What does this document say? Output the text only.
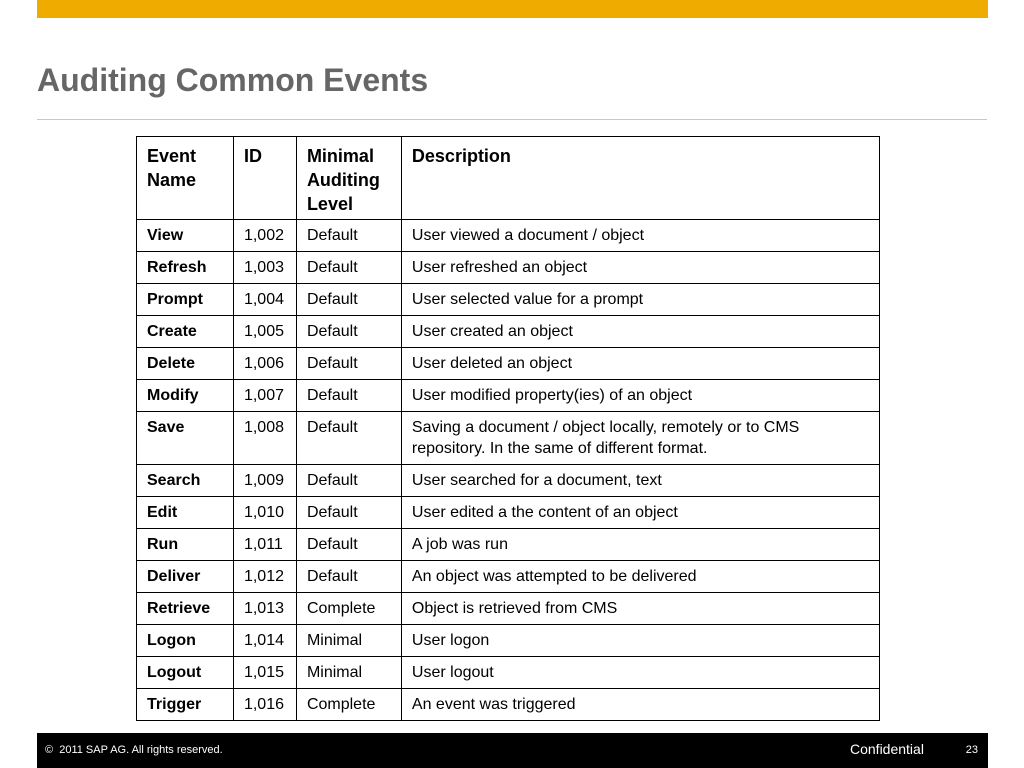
Auditing Common Events
Event Name	ID	Minimal Auditing Level	Description
View	1,002	Default	User viewed a document / object
Refresh	1,003	Default	User refreshed an object
Prompt	1,004	Default	User selected value for a prompt
Create	1,005	Default	User created an object
Delete	1,006	Default	User deleted an object
Modify	1,007	Default	User modified property(ies) of an object
Save	1,008	Default	Saving a document / object locally, remotely or to CMS repository. In the same of different format.
Search	1,009	Default	User searched for a document, text
Edit	1,010	Default	User edited a the content of an object
Run	1,011	Default	A job was run
Deliver	1,012	Default	An object was attempted to be delivered
Retrieve	1,013	Complete	Object is retrieved from CMS
Logon	1,014	Minimal	User logon
Logout	1,015	Minimal	User logout
Trigger	1,016	Complete	An event was triggered
©  2011 SAP AG. All rights reserved.	Confidential	23
